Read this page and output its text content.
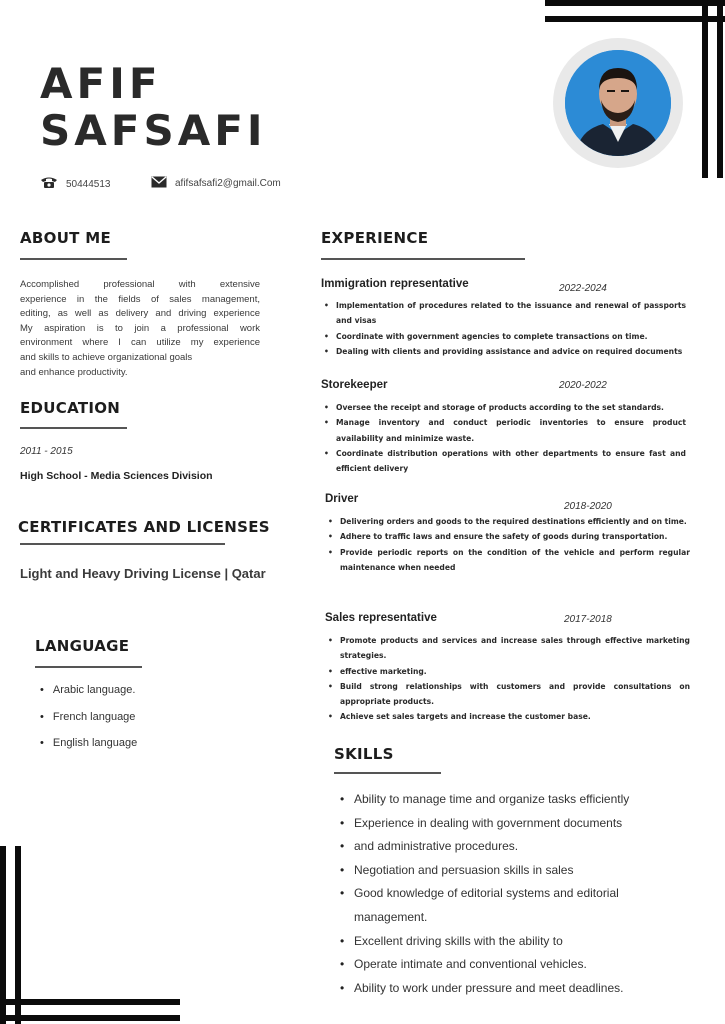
AFIF
SAFSAFI
50444513	afifsafsafi2@gmail.Com
ABOUT ME
Accomplished professional with extensive
experience in the fields of sales management,
editing, as well as delivery and driving experience
My aspiration is to join a professional work
environment where I can utilize my experience
and skills to achieve organizational goals
and enhance productivity.
EDUCATION
2011 - 2015
High School - Media Sciences Division
CERTIFICATES AND LICENSES
Light and Heavy Driving License | Qatar
LANGUAGE
• Arabic language.
• French language
• English language
EXPERIENCE
Immigration representative	2022-2024
• Implementation of procedures related to the issuance and renewal of passports and visas
• Coordinate with government agencies to complete transactions on time.
• Dealing with clients and providing assistance and advice on required documents
Storekeeper	2020-2022
• Oversee the receipt and storage of products according to the set standards.
• Manage inventory and conduct periodic inventories to ensure product availability and minimize waste.
• Coordinate distribution operations with other departments to ensure fast and efficient delivery
Driver
2018-2020
• Delivering orders and goods to the required destinations efficiently and on time.
• Adhere to traffic laws and ensure the safety of goods during transportation.
• Provide periodic reports on the condition of the vehicle and perform regular maintenance when needed
Sales representative	2017-2018
• Promote products and services and increase sales through effective marketing strategies.
• effective marketing.
• Build strong relationships with customers and provide consultations on appropriate products.
• Achieve set sales targets and increase the customer base.
SKILLS
• Ability to manage time and organize tasks efficiently
• Experience in dealing with government documents
• and administrative procedures.
• Negotiation and persuasion skills in sales
• Good knowledge of editorial systems and editorial
management.
• Excellent driving skills with the ability to
• Operate intimate and conventional vehicles.
• Ability to work under pressure and meet deadlines.
